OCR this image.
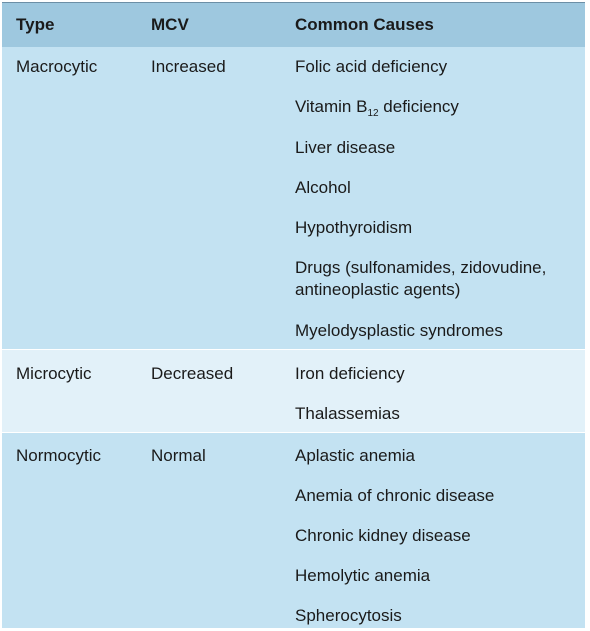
Type	MCV	Common Causes
Macrocytic	Increased	Folic acid deficiency
Vitamin $B_{12}$ deficiency
Liver disease
Alcohol
Hypothyroidism
Drugs (sulfonamides, zidovudine, antineoplastic agents)
Myelodysplastic syndromes
Microcytic	Decreased	Iron deficiency
Thalassemias
Normocytic	Normal	Aplastic anemia
Anemia of chronic disease
Chronic kidney disease
Hemolytic anemia
Spherocytosis
